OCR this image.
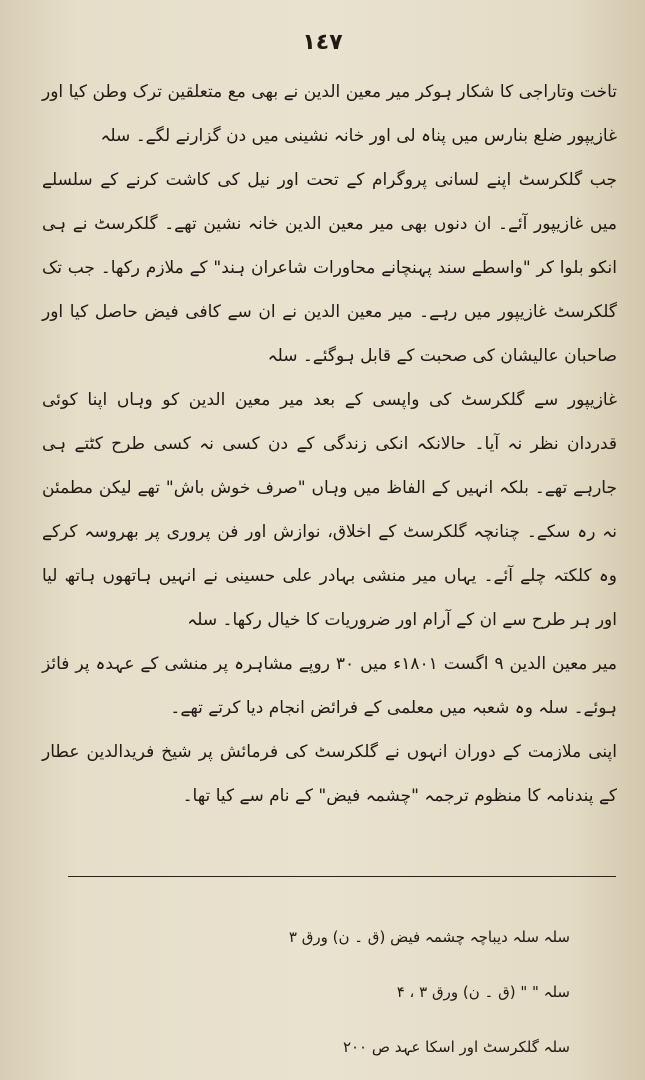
١٤٧

تاخت وتاراجی کا شکار ہوکر میر معین الدین نے بھی مع متعلقین ترک وطن کیا اور غازیپور ضلع بنارس میں پناہ لی اور خانہ نشینی میں دن گزارنے لگے۔ سلہ

جب گلکرسٹ اپنے لسانی پروگرام کے تحت اور نیل کی کاشت کرنے کے سلسلے میں غازیپور آئے۔ ان دنوں بھی میر معین الدین خانہ نشین تھے۔ گلکرسٹ نے ہی انکو بلوا کر "واسطے سند پہنچانے محاورات شاعران ہند" کے ملازم رکھا۔ جب تک گلکرسٹ غازیپور میں رہے۔ میر معین الدین نے ان سے کافی فیض حاصل کیا اور صاحبان عالیشان کی صحبت کے قابل ہوگئے۔ سلہ

غازیپور سے گلکرسٹ کی واپسی کے بعد میر معین الدین کو وہاں اپنا کوئی قدردان نظر نہ آیا۔ حالانکہ انکی زندگی کے دن کسی نہ کسی طرح کٹتے ہی جارہے تھے۔ بلکہ انہیں کے الفاظ میں وہاں "صرف خوش باش" تھے لیکن مطمئن نہ رہ سکے۔ چنانچہ گلکرسٹ کے اخلاق، نوازش اور فن پروری پر بھروسہ کرکے وہ کلکتہ چلے آئے۔ یہاں میر منشی بہادر علی حسینی نے انہیں ہاتھوں ہاتھ لیا اور ہر طرح سے ان کے آرام اور ضروریات کا خیال رکھا۔ سلہ

میر معین الدین ۹ اگست ۱۸۰۱ء میں ۳۰ روپے مشاہرہ پر منشی کے عہدہ پر فائز ہوئے۔ سلہ وہ شعبہ میں معلمی کے فرائض انجام دیا کرتے تھے۔

اپنی ملازمت کے دوران انہوں نے گلکرسٹ کی فرمائش پر شیخ فریدالدین عطار کے پندنامہ کا منظوم ترجمہ "چشمہ فیض" کے نام سے کیا تھا۔

سلہ سلہ دیباچہ چشمہ فیض (ق ۔ ن) ورق ۳

سلہ " " (ق ۔ ن) ورق ۳ ، ۴

سلہ گلکرسٹ اور اسکا عہد ص ۲۰۰
